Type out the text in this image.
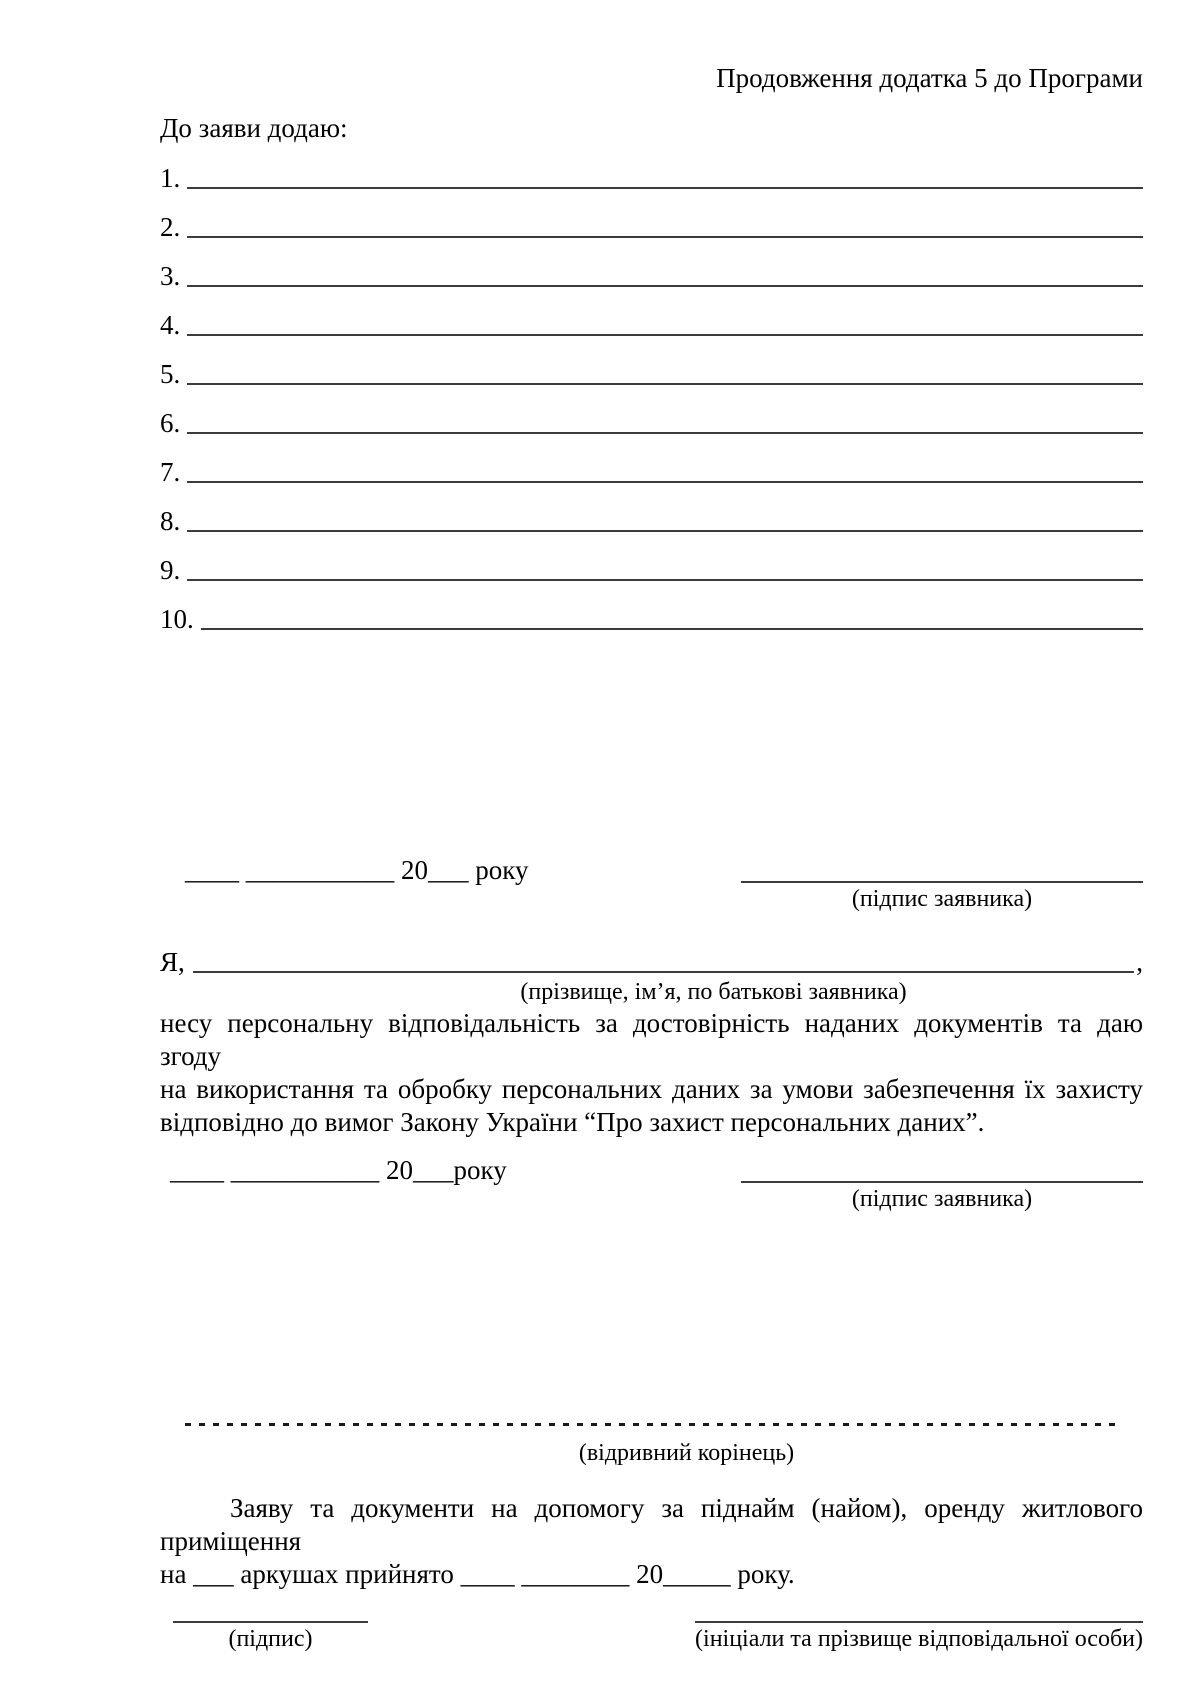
Продовження додатка 5 до Програми
До заяви додаю:
1.
2.
3.
4.
5.
6.
7.
8.
9.
10.
____ ___________ 20___ року
(підпис заявника)
Я,	,
(прізвище, ім’я, по батькові заявника)
несу персональну відповідальність за достовірність наданих документів та даю згоду
на використання та обробку персональних даних за умови забезпечення їх захисту
відповідно до вимог Закону України “Про захист персональних даних”.
____ ___________ 20___року
(підпис заявника)
(відривний корінець)
Заяву та документи на допомогу за піднайм (найом), оренду житлового приміщення
на ___ аркушах прийнято ____ ________ 20_____ року.
(підпис)	(ініціали та прізвище відповідальної особи)
